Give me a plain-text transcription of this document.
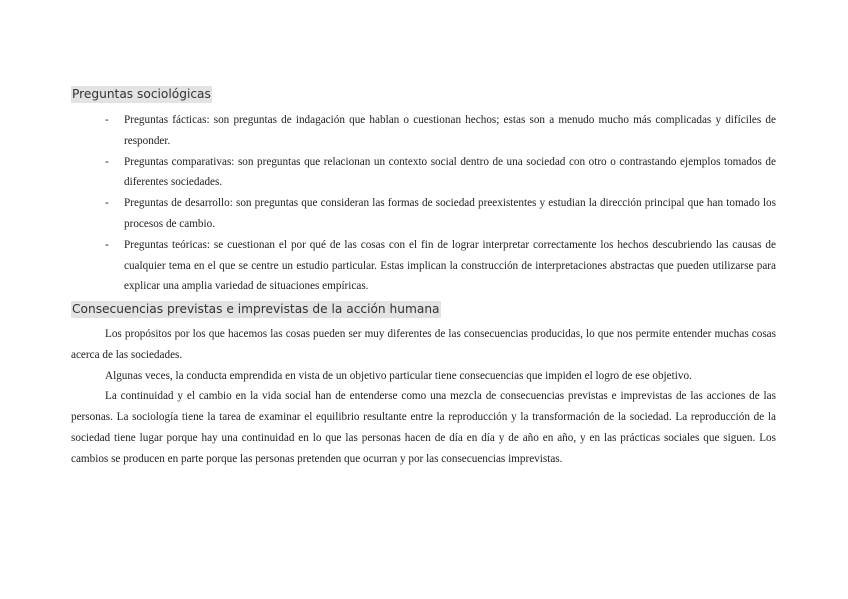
Preguntas sociológicas
- Preguntas fácticas: son preguntas de indagación que hablan o cuestionan hechos; estas son a menudo mucho más complicadas y difíciles de responder.
- Preguntas comparativas: son preguntas que relacionan un contexto social dentro de una sociedad con otro o contrastando ejemplos tomados de diferentes sociedades.
- Preguntas de desarrollo: son preguntas que consideran las formas de sociedad preexistentes y estudian la dirección principal que han tomado los procesos de cambio.
- Preguntas teóricas: se cuestionan el por qué de las cosas con el fin de lograr interpretar correctamente los hechos descubriendo las causas de cualquier tema en el que se centre un estudio particular. Estas implican la construcción de interpretaciones abstractas que pueden utilizarse para explicar una amplia variedad de situaciones empíricas.
Consecuencias previstas e imprevistas de la acción humana

Los propósitos por los que hacemos las cosas pueden ser muy diferentes de las consecuencias producidas, lo que nos permite entender muchas cosas acerca de las sociedades.

Algunas veces, la conducta emprendida en vista de un objetivo particular tiene consecuencias que impiden el logro de ese objetivo.

La continuidad y el cambio en la vida social han de entenderse como una mezcla de consecuencias previstas e imprevistas de las acciones de las personas. La sociología tiene la tarea de examinar el equilibrio resultante entre la reproducción y la transformación de la sociedad. La reproducción de la sociedad tiene lugar porque hay una continuidad en lo que las personas hacen de día en día y de año en año, y en las prácticas sociales que siguen. Los cambios se producen en parte porque las personas pretenden que ocurran y por las consecuencias imprevistas.
